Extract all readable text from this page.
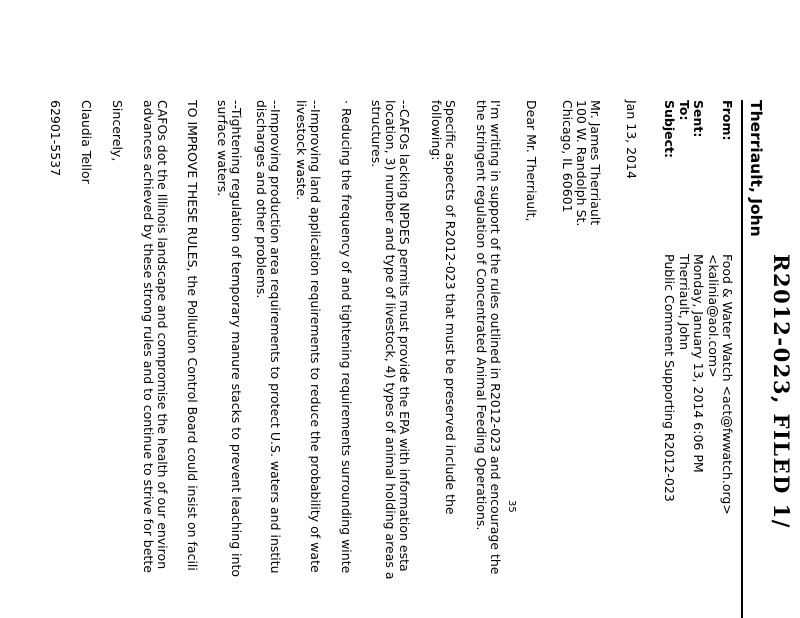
R2012-023, FILED 1/
Therriault, John
From:
Food & Water Watch <act@fwwatch.org>
<kalinia@aol.com>
Sent:
Monday, January 13, 2014 6:06 PM
To:
Therriault, John
Subject:
Public Comment Supporting R2012-023
Jan 13, 2014
Mr. James Therriault
100 W. Randolph St.
Chicago, IL 60601
Dear Mr. Therriault,
I'm writing in support of the rules outlined in R2012-023 and encourage the
the stringent regulation of Concentrated Animal Feeding Operations.
Specific aspects of R2012-023 that must be preserved include the
following:
--CAFOs lacking NPDES permits must provide the EPA with information esta
location, 3) number and type of livestock, 4) types of animal holding areas a
structures.
· Reducing the frequency of and tightening requirements surrounding winte
--Improving land application requirements to reduce the probability of wate
livestock waste.
--Improving production area requirements to protect U.S. waters and institu
discharges and other problems.
--Tightening regulation of temporary manure stacks to prevent leaching into
surface waters.
TO IMPROVE THESE RULES, the Pollution Control Board could insist on facili
CAFOs dot the Illinois landscape and compromise the health of our environ
advances achieved by these strong rules and to continue to strive for bette
Sincerely,
Claudia Tellor
62901-5537
35
